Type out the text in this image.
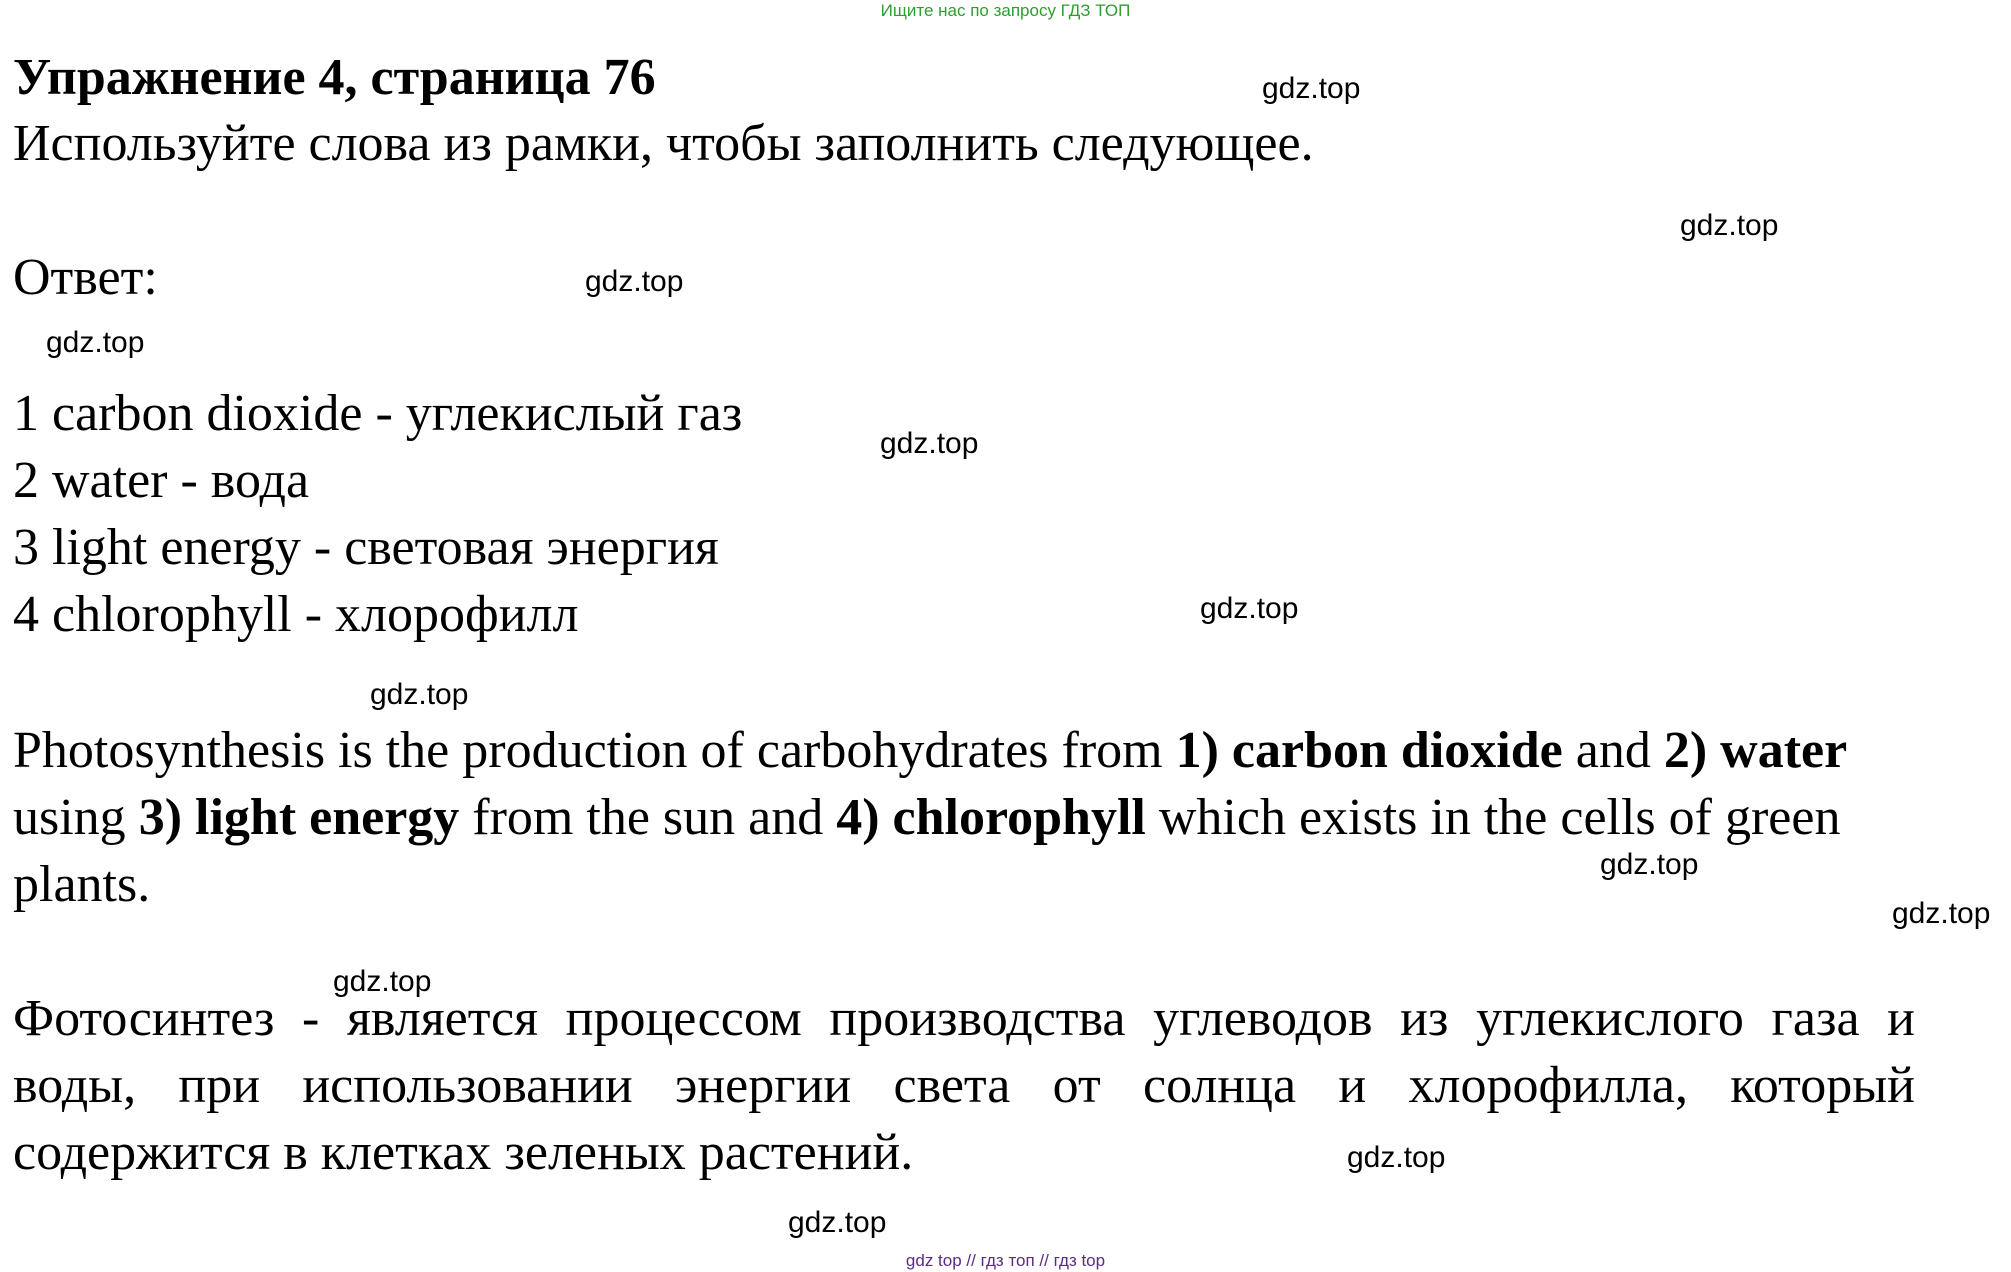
Ищите нас по запросу ГДЗ ТОП
Упражнение 4, страница 76
Используйте слова из рамки, чтобы заполнить следующее.
Ответ:
1 carbon dioxide - углекислый газ
2 water - вода
3 light energy - световая энергия
4 chlorophyll - хлорофилл
Photosynthesis is the production of carbohydrates from 1) carbon dioxide and 2) water using 3) light energy from the sun and 4) chlorophyll which exists in the cells of green plants.
Фотосинтез - является процессом производства углеводов из углекислого газа и воды, при использовании энергии света от солнца и хлорофилла, который содержится в клетках зеленых растений.
gdz.top
gdz.top
gdz.top
gdz.top
gdz.top
gdz.top
gdz.top
gdz.top
gdz.top
gdz.top
gdz.top
gdz.top
gdz top // гдз топ // гдз top
